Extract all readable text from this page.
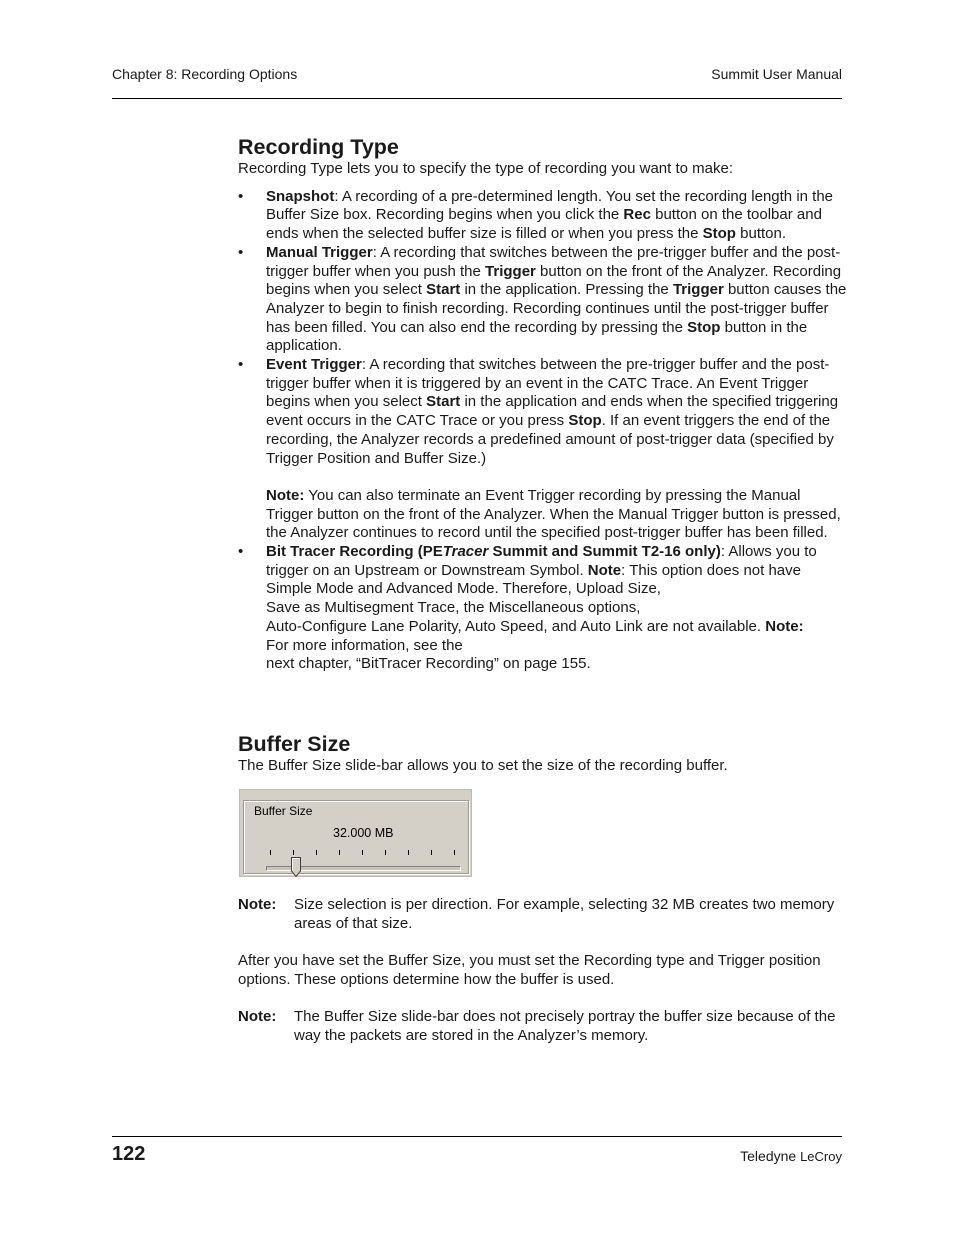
Chapter 8: Recording Options	Summit User Manual
Recording Type

Recording Type lets you to specify the type of recording you want to make:

• Snapshot: A recording of a pre-determined length. You set the recording length in the Buffer Size box. Recording begins when you click the Rec button on the toolbar and ends when the selected buffer size is filled or when you press the Stop button.
• Manual Trigger: A recording that switches between the pre-trigger buffer and the post-trigger buffer when you push the Trigger button on the front of the Analyzer. Recording begins when you select Start in the application. Pressing the Trigger button causes the Analyzer to begin to finish recording. Recording continues until the post-trigger buffer has been filled. You can also end the recording by pressing the Stop button in the application.
• Event Trigger: A recording that switches between the pre-trigger buffer and the post-trigger buffer when it is triggered by an event in the CATC Trace. An Event Trigger begins when you select Start in the application and ends when the specified triggering event occurs in the CATC Trace or you press Stop. If an event triggers the end of the recording, the Analyzer records a predefined amount of post-trigger data (specified by Trigger Position and Buffer Size.)
Note: You can also terminate an Event Trigger recording by pressing the Manual Trigger button on the front of the Analyzer. When the Manual Trigger button is pressed, the Analyzer continues to record until the specified post-trigger buffer has been filled.
• Bit Tracer Recording (PETracer Summit and Summit T2-16 only): Allows you to trigger on an Upstream or Downstream Symbol. Note: This option does not have Simple Mode and Advanced Mode. Therefore, Upload Size,
Save as Multisegment Trace, the Miscellaneous options,
Auto-Configure Lane Polarity, Auto Speed, and Auto Link are not available. Note:
For more information, see the
next chapter, “BitTracer Recording” on page 155.
Buffer Size

The Buffer Size slide-bar allows you to set the size of the recording buffer.

Buffer Size
32.000 MB
Note: Size selection is per direction. For example, selecting 32 MB creates two memory areas of that size.

After you have set the Buffer Size, you must set the Recording type and Trigger position options. These options determine how the buffer is used.

Note: The Buffer Size slide-bar does not precisely portray the buffer size because of the way the packets are stored in the Analyzer’s memory.
122	Teledyne LeCroy
